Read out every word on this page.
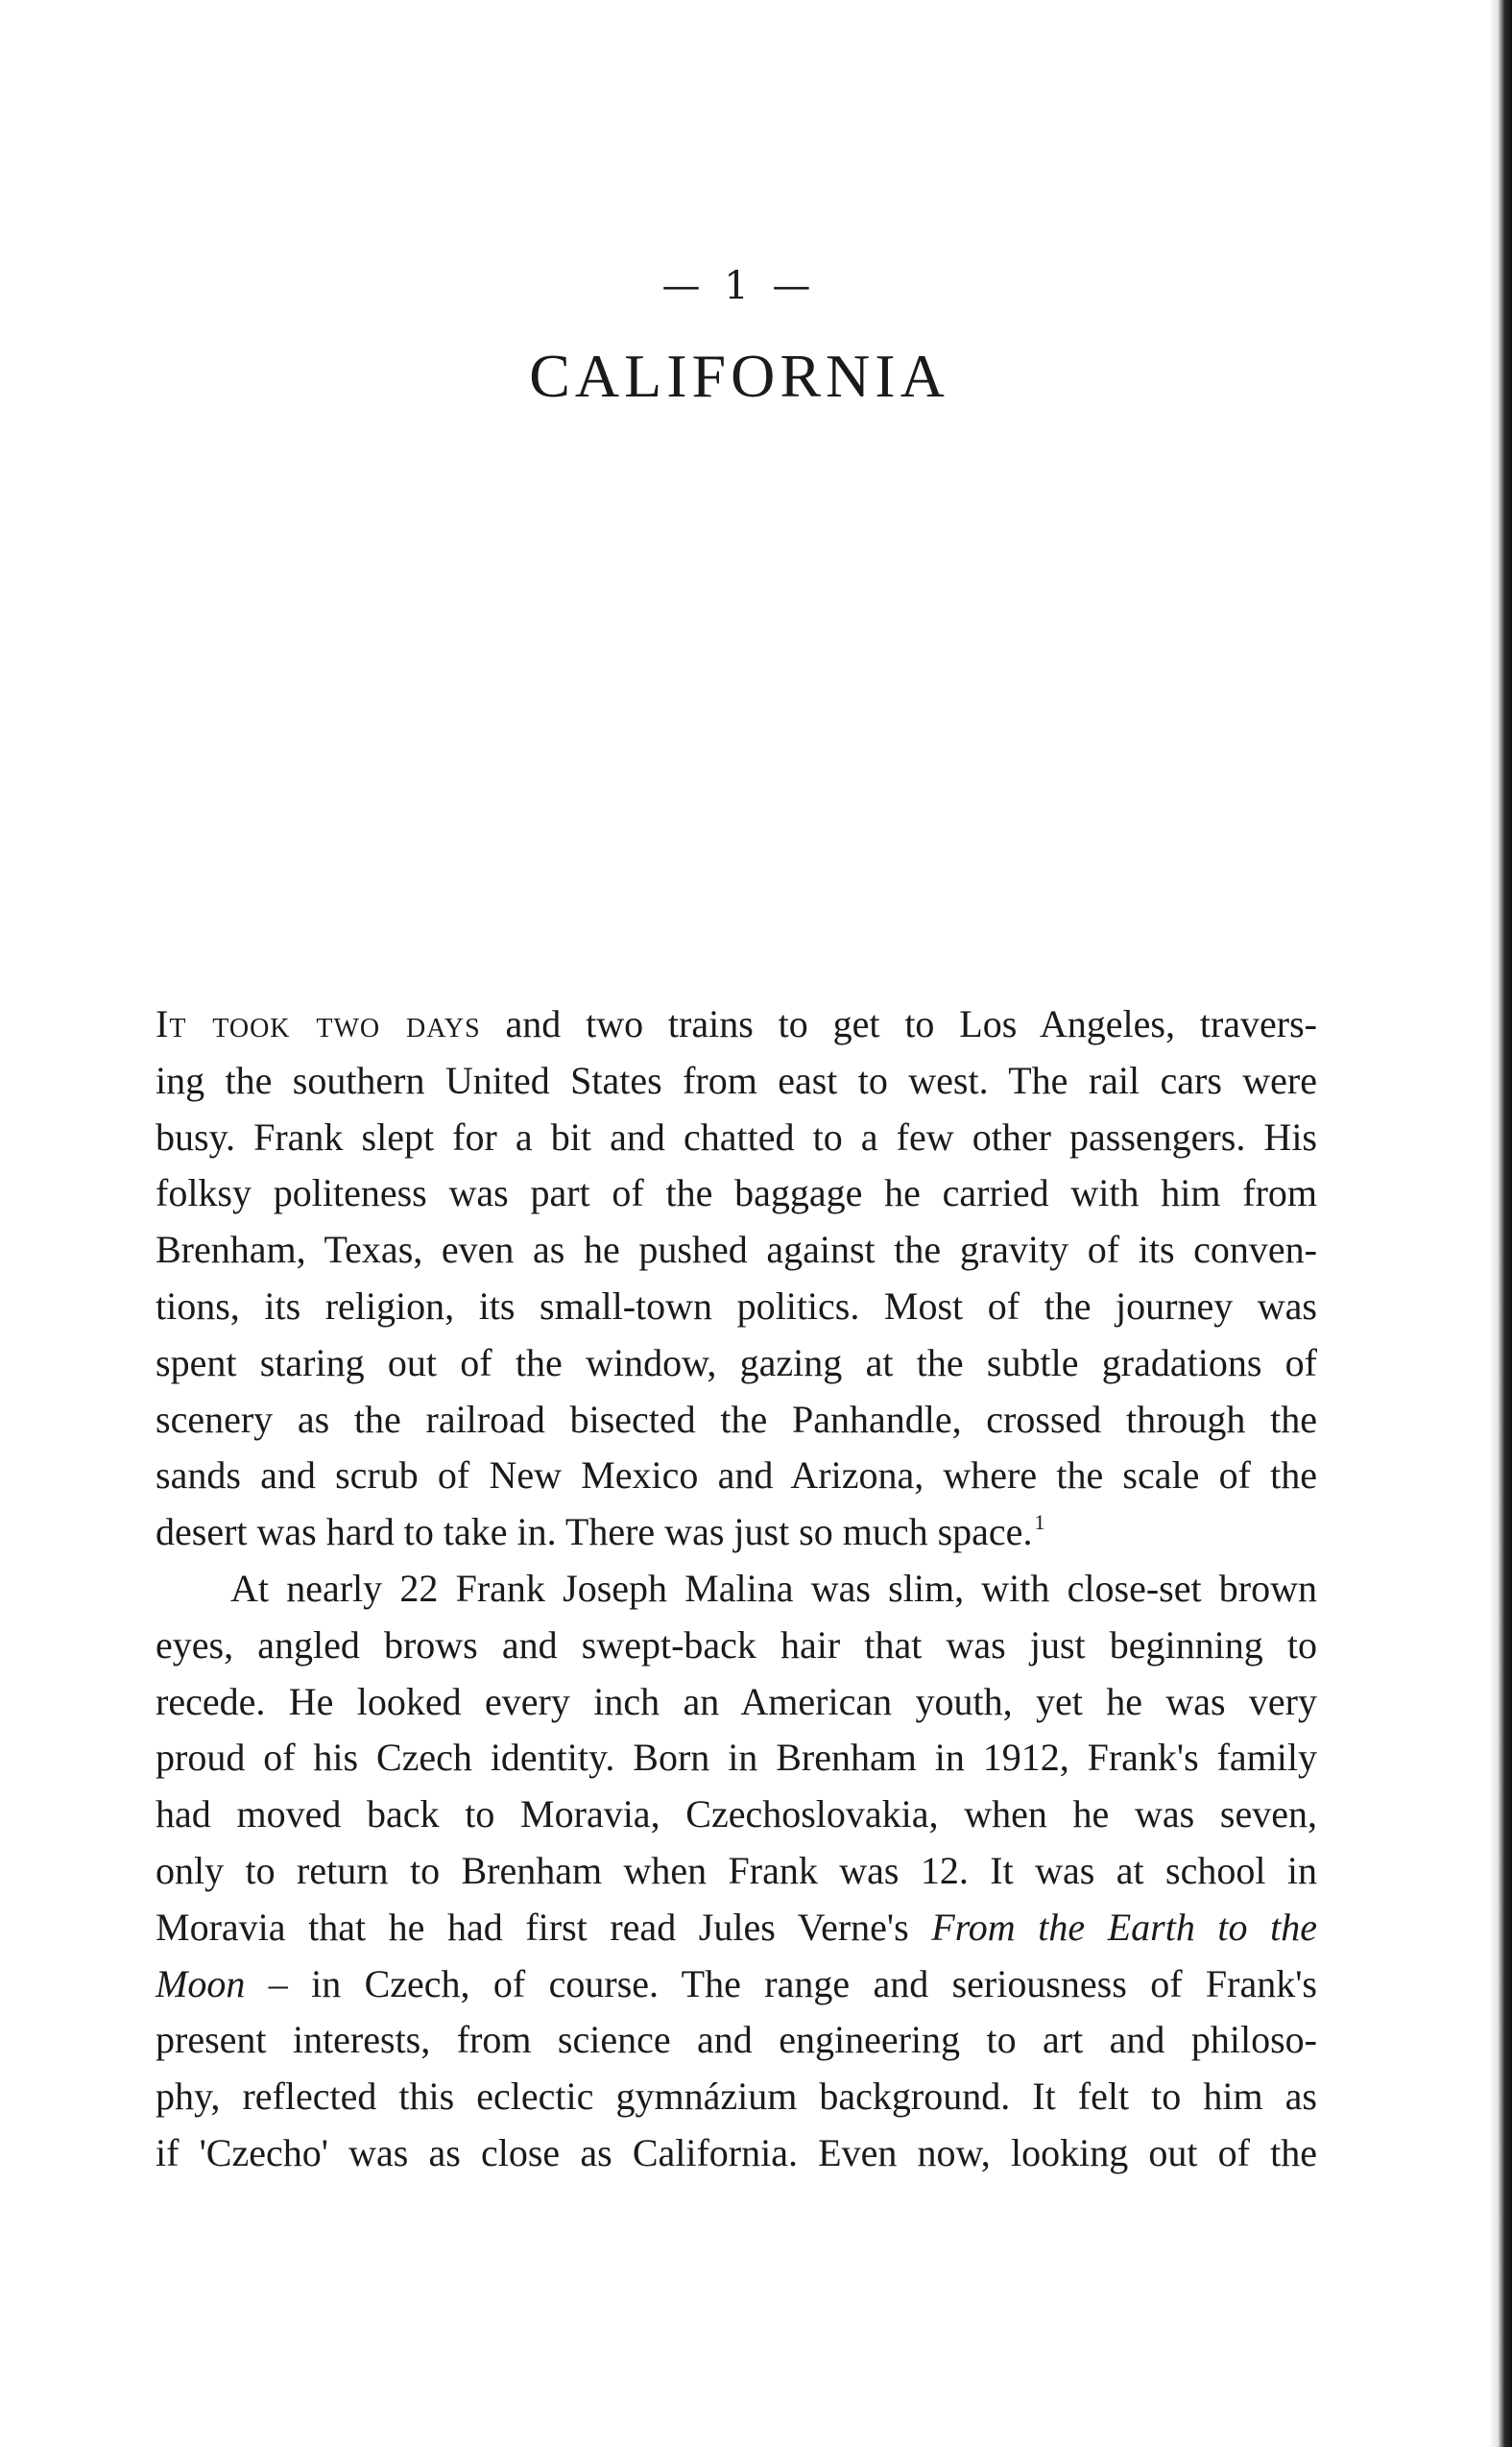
— 1 —
CALIFORNIA
It took two days and two trains to get to Los Angeles, travers-
ing the southern United States from east to west. The rail cars were
busy. Frank slept for a bit and chatted to a few other passengers. His
folksy politeness was part of the baggage he carried with him from
Brenham, Texas, even as he pushed against the gravity of its conven-
tions, its religion, its small-town politics. Most of the journey was
spent staring out of the window, gazing at the subtle gradations of
scenery as the railroad bisected the Panhandle, crossed through the
sands and scrub of New Mexico and Arizona, where the scale of the
desert was hard to take in. There was just so much space.$^1$
At nearly 22 Frank Joseph Malina was slim, with close-set brown
eyes, angled brows and swept-back hair that was just beginning to
recede. He looked every inch an American youth, yet he was very
proud of his Czech identity. Born in Brenham in 1912, Frank's family
had moved back to Moravia, Czechoslovakia, when he was seven,
only to return to Brenham when Frank was 12. It was at school in
Moravia that he had first read Jules Verne's From the Earth to the
Moon – in Czech, of course. The range and seriousness of Frank's
present interests, from science and engineering to art and philoso-
phy, reflected this eclectic gymnázium background. It felt to him as
if 'Czecho' was as close as California. Even now, looking out of the
